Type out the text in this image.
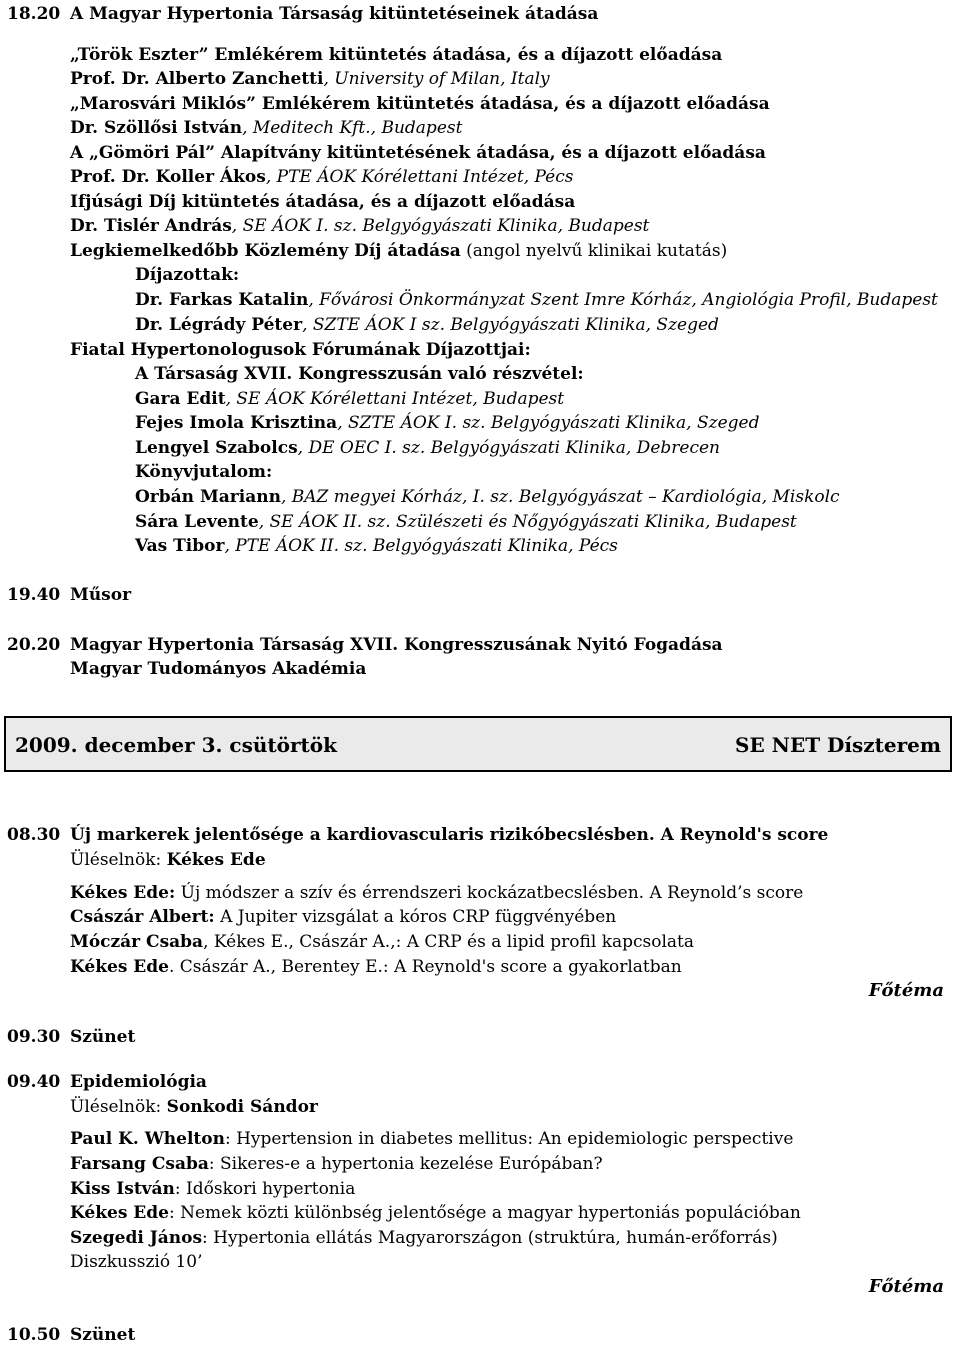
18.20 A Magyar Hypertonia Társaság kitüntetéseinek átadása
„Török Eszter” Emlékérem kitüntetés átadása, és a díjazott előadása
Prof. Dr. Alberto Zanchetti, University of Milan, Italy
„Marosvári Miklós” Emlékérem kitüntetés átadása, és a díjazott előadása
Dr. Szöllősi István, Meditech Kft., Budapest
A „Gömöri Pál” Alapítvány kitüntetésének átadása, és a díjazott előadása
Prof. Dr. Koller Ákos, PTE ÁOK Kórélettani Intézet, Pécs
Ifjúsági Díj kitüntetés átadása, és a díjazott előadása
Dr. Tislér András, SE ÁOK I. sz. Belgyógyászati Klinika, Budapest
Legkiemelkedőbb Közlemény Díj átadása (angol nyelvű klinikai kutatás)
Díjazottak:
Dr. Farkas Katalin, Fővárosi Önkormányzat Szent Imre Kórház, Angiológia Profil, Budapest
Dr. Légrády Péter, SZTE ÁOK I sz. Belgyógyászati Klinika, Szeged
Fiatal Hypertonologusok Fórumának Díjazottjai:
A Társaság XVII. Kongresszusán való részvétel:
Gara Edit, SE ÁOK Kórélettani Intézet, Budapest
Fejes Imola Krisztina, SZTE ÁOK I. sz. Belgyógyászati Klinika, Szeged
Lengyel Szabolcs, DE OEC I. sz. Belgyógyászati Klinika, Debrecen
Könyvjutalom:
Orbán Mariann, BAZ megyei Kórház, I. sz. Belgyógyászat – Kardiológia, Miskolc
Sára Levente, SE ÁOK II. sz. Szülészeti és Nőgyógyászati Klinika, Budapest
Vas Tibor, PTE ÁOK II. sz. Belgyógyászati Klinika, Pécs
19.40 Műsor
20.20 Magyar Hypertonia Társaság XVII. Kongresszusának Nyitó Fogadása
Magyar Tudományos Akadémia
2009. december 3. csütörtök	SE NET Díszterem
08.30 Új markerek jelentősége a kardiovascularis rizikóbecslésben. A Reynold's score
Üléselnök: Kékes Ede
Kékes Ede: Új módszer a szív és érrendszeri kockázatbecslésben. A Reynold’s score
Császár Albert: A Jupiter vizsgálat a kóros CRP függvényében
Móczár Csaba, Kékes E., Császár A.,: A CRP és a lipid profil kapcsolata
Kékes Ede. Császár A., Berentey E.: A Reynold's score a gyakorlatban
Főtéma
09.30 Szünet
09.40 Epidemiológia
Üléselnök: Sonkodi Sándor
Paul K. Whelton: Hypertension in diabetes mellitus: An epidemiologic perspective
Farsang Csaba: Sikeres-e a hypertonia kezelése Európában?
Kiss István: Időskori hypertonia
Kékes Ede: Nemek közti különbség jelentősége a magyar hypertoniás populációban
Szegedi János: Hypertonia ellátás Magyarországon (struktúra, humán-erőforrás)
Diszkusszió 10’
Főtéma
10.50 Szünet
